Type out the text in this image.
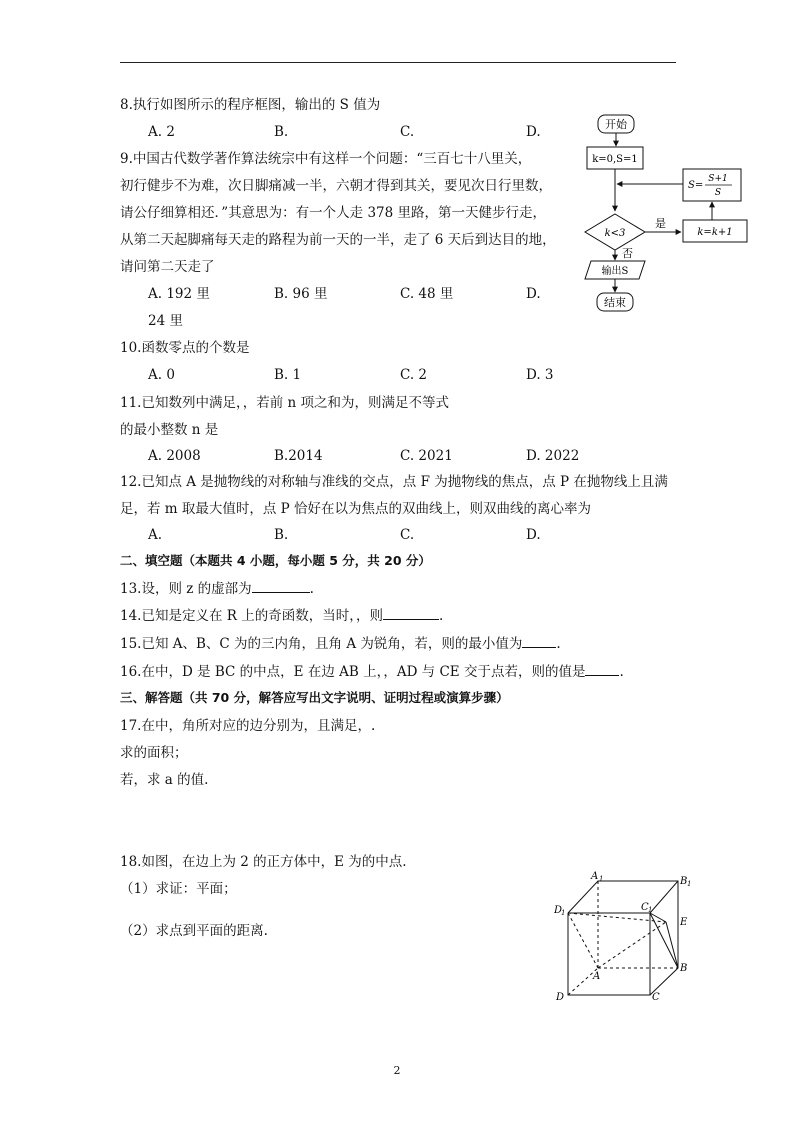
8.执行如图所示的程序框图，输出的 S 值为
A. 2	B.	C.	D.
9.中国古代数学著作算法统宗中有这样一个问题：“三百七十八里关，
初行健步不为难，次日脚痛减一半，六朝才得到其关，要见次日行里数，
请公仔细算相还．”其意思为：有一个人走 378 里路，第一天健步行走，
从第二天起脚痛每天走的路程为前一天的一半，走了 6 天后到达目的地，
请问第二天走了
A. 192 里	B. 96 里	C. 48 里	D.
24 里
10.函数零点的个数是
A. 0	B. 1	C. 2	D. 3
11.已知数列中满足，，若前 n 项之和为，则满足不等式
的最小整数 n 是
A. 2008	B.2014	C. 2021	D. 2022
12.已知点 A 是抛物线的对称轴与准线的交点，点 F 为抛物线的焦点，点 P 在抛物线上且满
足，若 m 取最大值时，点 P 恰好在以为焦点的双曲线上，则双曲线的离心率为
A.	B.	C.	D.
二、填空题（本题共 4 小题，每小题 5 分，共 20 分）
13.设，则 z 的虚部为	.
14.已知是定义在 R 上的奇函数，当时，，则	.
15.已知 A、B、C 为的三内角，且角 A 为锐角，若，则的最小值为	.
16.在中，D 是 BC 的中点，E 在边 AB 上，，AD 与 CE 交于点若，则的值是	.
三、解答题（共 70 分，解答应写出文字说明、证明过程或演算步骤）
17.在中，角所对应的边分别为，且满足，.
求的面积；
若，求 a 的值.
18.如图，在边上为 2 的正方体中，E 为的中点.
（1）求证：平面；
（2）求点到平面的距离.
开始
k=0,S=1
S=
S+1
S
k<3
是
k=k+1
否
输出S
结束
A 1	B 1
D
1	C 1
E
A
B
C
D
2
